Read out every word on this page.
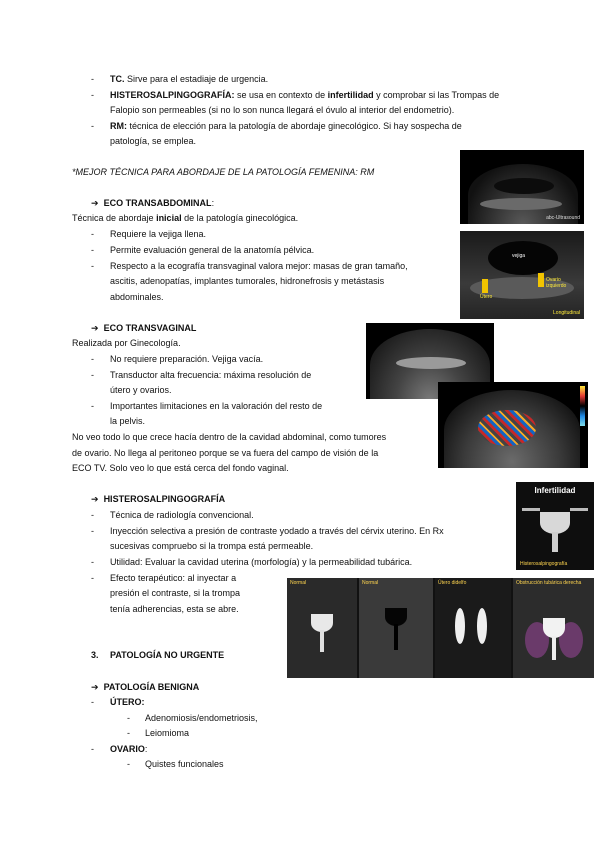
- TC. Sirve para el estadiaje de urgencia.
- HISTEROSALPINGOGRAFÍA: se usa en contexto de infertilidad y comprobar si las Trompas de
Falopio son permeables (si no lo son nunca llegará el óvulo al interior del endometrio).
- RM: técnica de elección para la patología de abordaje ginecológico. Si hay sospecha de
patología, se emplea.
*MEJOR TÉCNICA PARA ABORDAJE DE LA PATOLOGÍA FEMENINA: RM
➔ ECO TRANSABDOMINAL:
Técnica de abordaje inicial de la patología ginecológica.
- Requiere la vejiga llena.
- Permite evaluación general de la anatomía pélvica.
- Respecto a la ecografía transvaginal valora mejor: masas de gran tamaño,
ascitis, adenopatías, implantes tumorales, hidronefrosis y metástasis
abdominales.
➔ ECO TRANSVAGINAL
Realizada por Ginecología.
- No requiere preparación. Vejiga vacía.
- Transductor alta frecuencia: máxima resolución de
útero y ovarios.
- Importantes limitaciones en la valoración del resto de
la pelvis.
No veo todo lo que crece hacía dentro de la cavidad abdominal, como tumores
de ovario. No llega al peritoneo porque se va fuera del campo de visión de la
ECO TV. Solo veo lo que está cerca del fondo vaginal.
➔ HISTEROSALPINGOGRAFÍA
- Técnica de radiología convencional.
- Inyección selectiva a presión de contraste yodado a través del cérvix uterino. En Rx
sucesivas compruebo si la trompa está permeable.
- Utilidad: Evaluar la cavidad uterina (morfología) y la permeabilidad tubárica.
- Efecto terapéutico: al inyectar a
presión el contraste, si la trompa
tenía adherencias, esta se abre.
3. PATOLOGÍA NO URGENTE
➔ PATOLOGÍA BENIGNA
- ÚTERO:
- Adenomiosis/endometriosis,
- Leiomioma
- OVARIO:
- Quistes funcionales
abc-Ultrasound
vejiga
Útero
Ovario izquierdo
Longitudinal
Infertilidad
Histerosalpingografía
Normal	Normal	Útero didelfo	Obstrucción tubárica derecha
